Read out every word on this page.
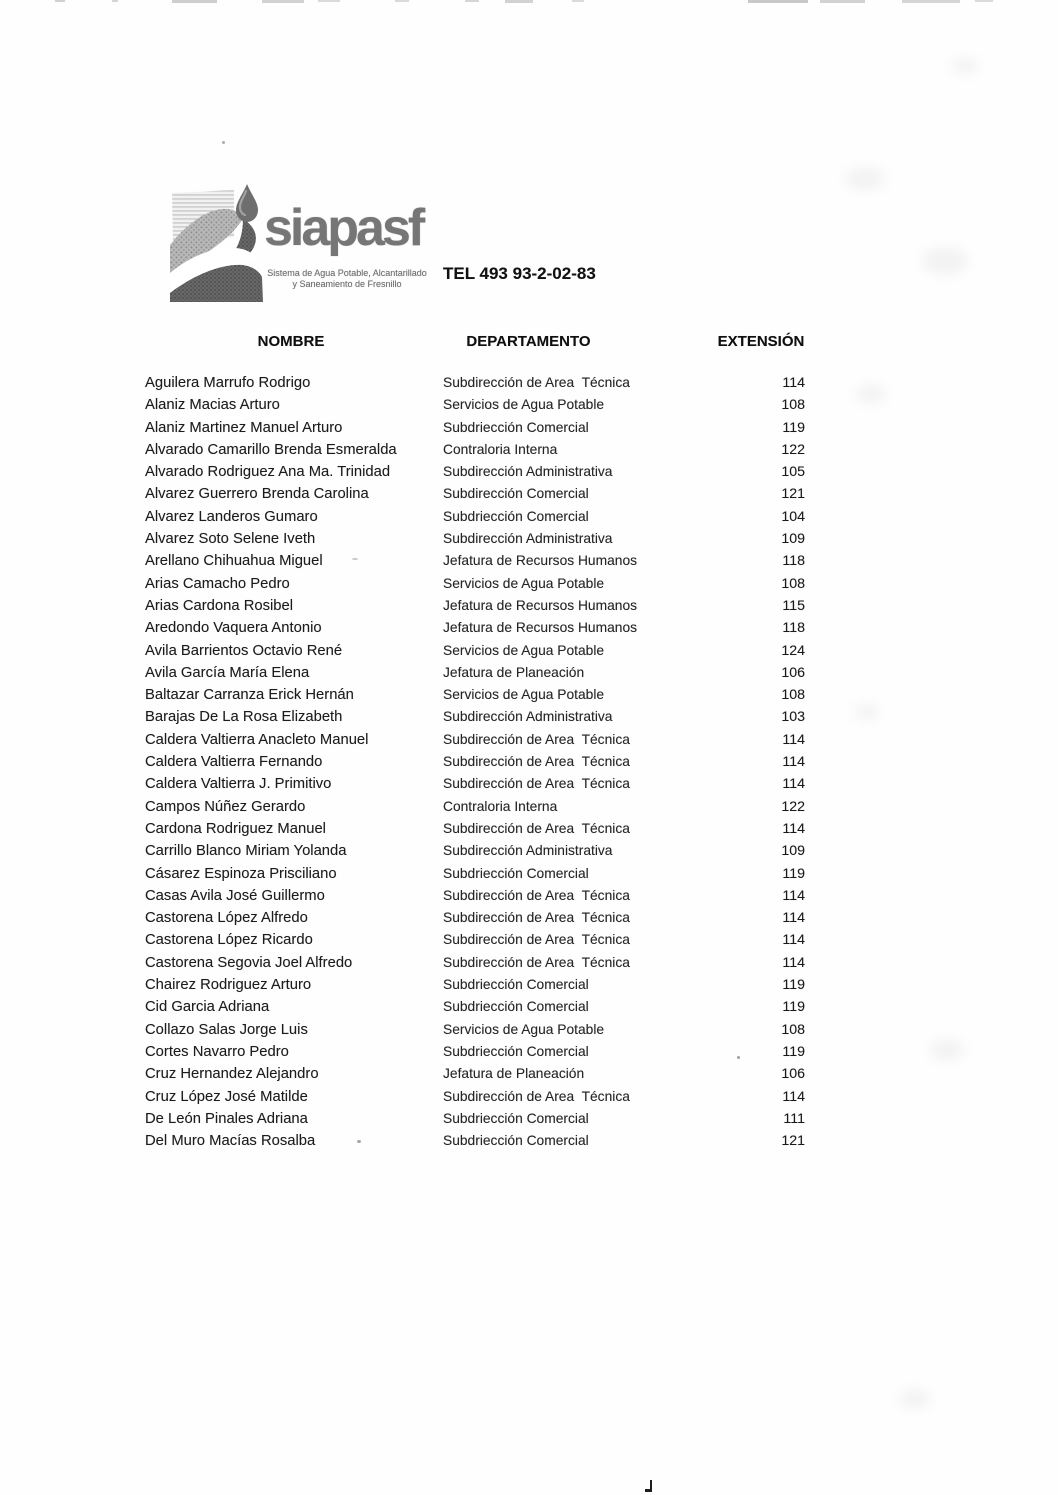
siapasf
Sistema de Agua Potable, Alcantarillado
y Saneamiento de Fresnillo
TEL 493 93-2-02-83
NOMBRE	DEPARTAMENTO	EXTENSIÓN
Aguilera Marrufo Rodrigo	Subdirección de Area  Técnica	114
Alaniz Macias Arturo	Servicios de Agua Potable	108
Alaniz Martinez Manuel Arturo	Subdriección Comercial	119
Alvarado Camarillo Brenda Esmeralda	Contraloria Interna	122
Alvarado Rodriguez Ana Ma. Trinidad	Subdirección Administrativa	105
Alvarez Guerrero Brenda Carolina	Subdirección Comercial	121
Alvarez Landeros Gumaro	Subdriección Comercial	104
Alvarez Soto Selene Iveth	Subdirección Administrativa	109
Arellano Chihuahua Miguel	Jefatura de Recursos Humanos	118
Arias Camacho Pedro	Servicios de Agua Potable	108
Arias Cardona Rosibel	Jefatura de Recursos Humanos	115
Aredondo Vaquera Antonio	Jefatura de Recursos Humanos	118
Avila Barrientos Octavio René	Servicios de Agua Potable	124
Avila García María Elena	Jefatura de Planeación	106
Baltazar Carranza Erick Hernán	Servicios de Agua Potable	108
Barajas De La Rosa Elizabeth	Subdirección Administrativa	103
Caldera Valtierra Anacleto Manuel	Subdirección de Area  Técnica	114
Caldera Valtierra Fernando	Subdirección de Area  Técnica	114
Caldera Valtierra J. Primitivo	Subdirección de Area  Técnica	114
Campos Núñez Gerardo	Contraloria Interna	122
Cardona Rodriguez Manuel	Subdirección de Area  Técnica	114
Carrillo Blanco Miriam Yolanda	Subdirección Administrativa	109
Cásarez Espinoza Prisciliano	Subdriección Comercial	119
Casas Avila José Guillermo	Subdirección de Area  Técnica	114
Castorena López Alfredo	Subdirección de Area  Técnica	114
Castorena López Ricardo	Subdirección de Area  Técnica	114
Castorena Segovia Joel Alfredo	Subdirección de Area  Técnica	114
Chairez Rodriguez Arturo	Subdriección Comercial	119
Cid Garcia Adriana	Subdriección Comercial	119
Collazo Salas Jorge Luis	Servicios de Agua Potable	108
Cortes Navarro Pedro	Subdriección Comercial	119
Cruz Hernandez Alejandro	Jefatura de Planeación	106
Cruz López José Matilde	Subdirección de Area  Técnica	114
De León Pinales Adriana	Subdriección Comercial	111
Del Muro Macías Rosalba	Subdriección Comercial	121
